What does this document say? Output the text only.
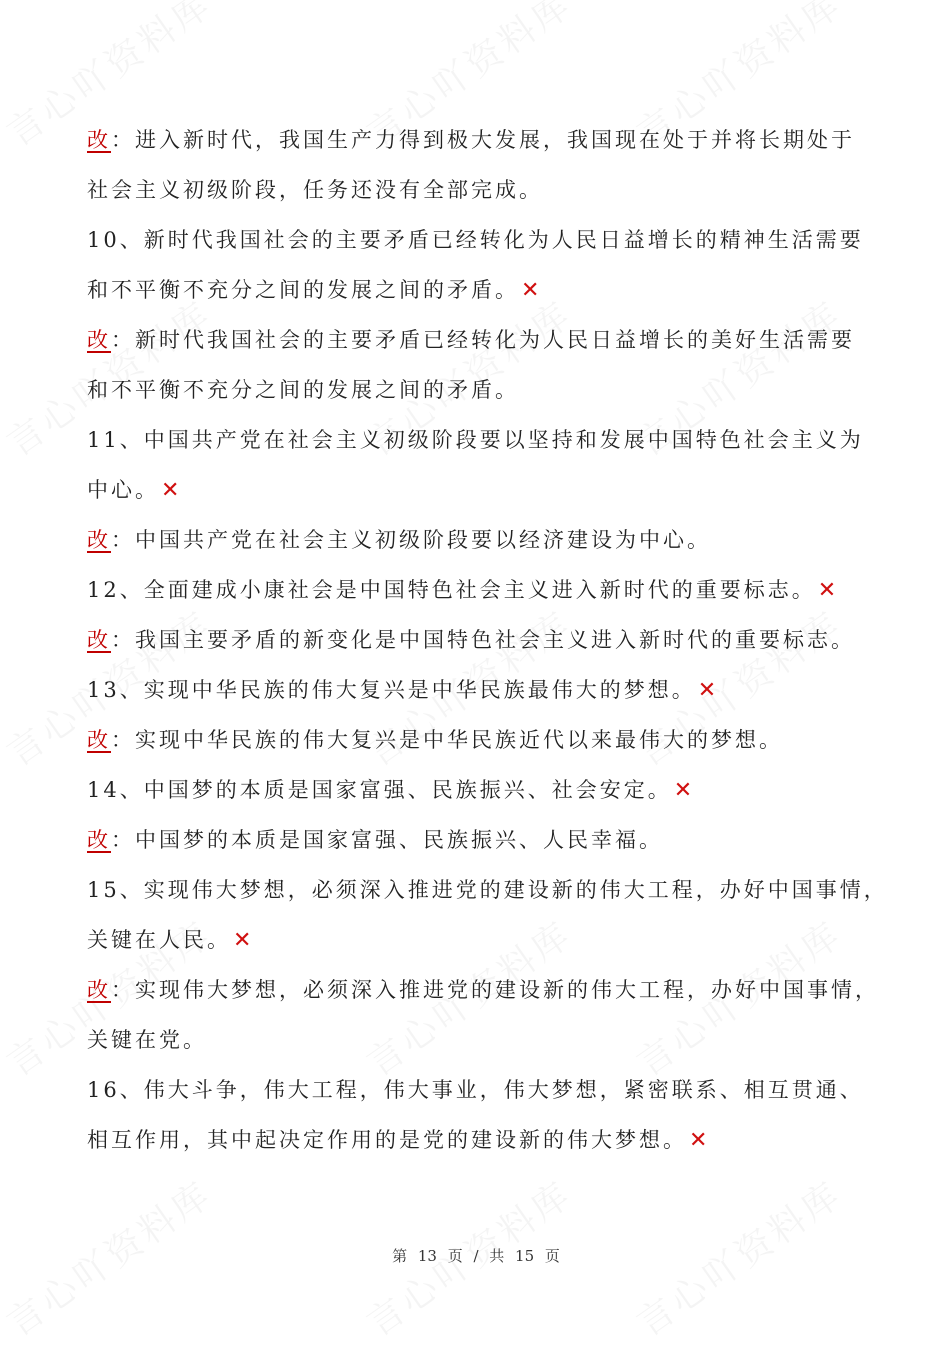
改：进入新时代，我国生产力得到极大发展，我国现在处于并将长期处于
社会主义初级阶段，任务还没有全部完成。
10、新时代我国社会的主要矛盾已经转化为人民日益增长的精神生活需要
和不平衡不充分之间的发展之间的矛盾。✕
改：新时代我国社会的主要矛盾已经转化为人民日益增长的美好生活需要
和不平衡不充分之间的发展之间的矛盾。
11、中国共产党在社会主义初级阶段要以坚持和发展中国特色社会主义为
中心。✕
改：中国共产党在社会主义初级阶段要以经济建设为中心。
12、全面建成小康社会是中国特色社会主义进入新时代的重要标志。✕
改：我国主要矛盾的新变化是中国特色社会主义进入新时代的重要标志。
13、实现中华民族的伟大复兴是中华民族最伟大的梦想。✕
改：实现中华民族的伟大复兴是中华民族近代以来最伟大的梦想。
14、中国梦的本质是国家富强、民族振兴、社会安定。✕
改：中国梦的本质是国家富强、民族振兴、人民幸福。
15、实现伟大梦想，必须深入推进党的建设新的伟大工程，办好中国事情，
关键在人民。✕
改：实现伟大梦想，必须深入推进党的建设新的伟大工程，办好中国事情，
关键在党。
16、伟大斗争，伟大工程，伟大事业，伟大梦想，紧密联系、相互贯通、
相互作用，其中起决定作用的是党的建设新的伟大梦想。✕
第 13 页 / 共 15 页
